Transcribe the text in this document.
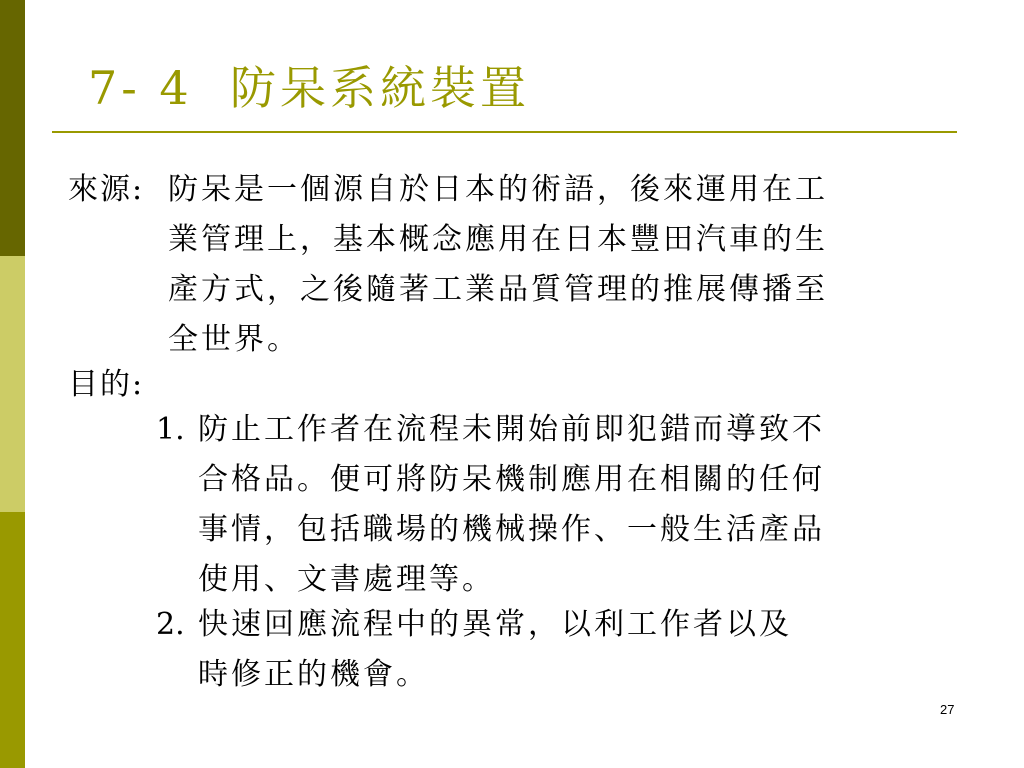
7- 4  防呆系統裝置
來源: 防呆是一個源自於日本的術語，後來運用在工
業管理上，基本概念應用在日本豐田汽車的生
產方式，之後隨著工業品質管理的推展傳播至
全世界。
目的:
1. 防止工作者在流程未開始前即犯錯而導致不
合格品。便可將防呆機制應用在相關的任何
事情，包括職場的機械操作、一般生活產品
使用、文書處理等。
2. 快速回應流程中的異常，以利工作者以及
時修正的機會。
27
